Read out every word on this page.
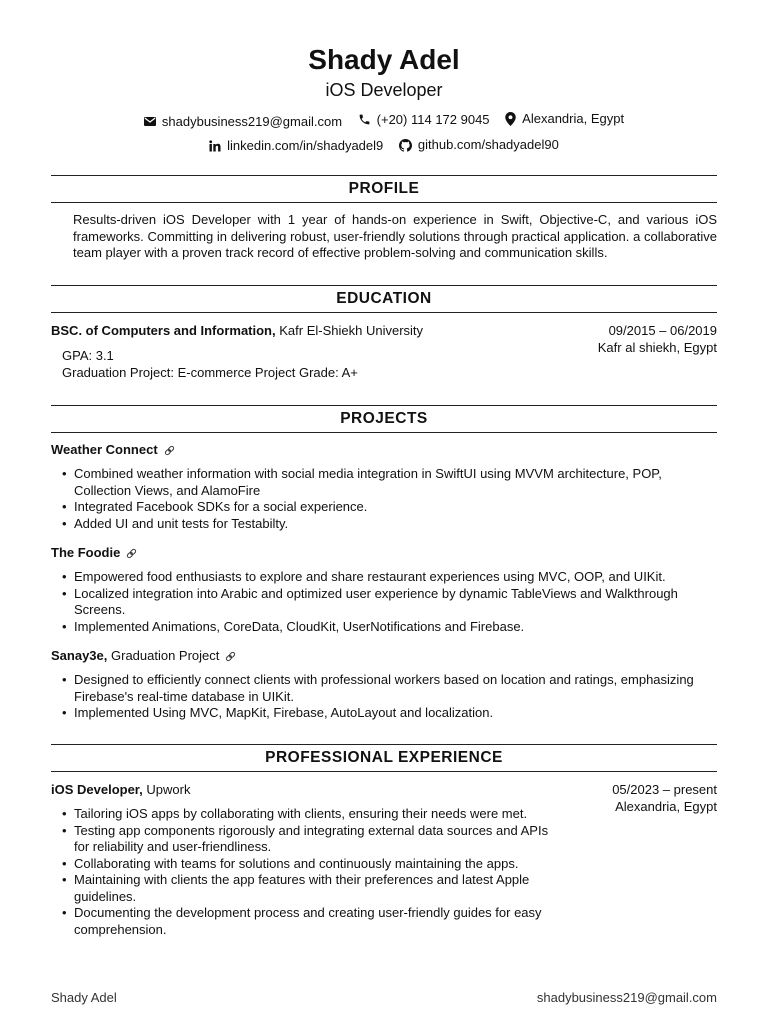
Shady Adel
iOS Developer
shadybusiness219@gmail.com
	(+20) 114 172 9045
	Alexandria, Egypt
linkedin.com/in/shadyadel9
	github.com/shadyadel90
PROFILE
Results-driven iOS Developer with 1 year of hands-on experience in Swift, Objective-C, and various iOS frameworks. Committing in delivering robust, user-friendly solutions through practical application. a collaborative team player with a proven track record of effective problem-solving and communication skills.
EDUCATION
BSC. of Computers and Information,
Kafr El-Shiekh University	09/2015 – 06/2019
Kafr al shiekh, Egypt
GPA: 3.1
Graduation Project: E-commerce Project Grade: A+
PROJECTS
Weather Connect
• Combined weather information with social media integration in SwiftUI using MVVM architecture, POP, Collection Views, and AlamoFire
• Integrated Facebook SDKs for a social experience.
• Added UI and unit tests for Testabilty.
The Foodie
• Empowered food enthusiasts to explore and share restaurant experiences using MVC, OOP, and UIKit.
• Localized integration into Arabic and optimized user experience by dynamic TableViews and Walkthrough Screens.
• Implemented Animations, CoreData, CloudKit, UserNotifications and Firebase.
Sanay3e,
Graduation Project
• Designed to efficiently connect clients with professional workers based on location and ratings, emphasizing Firebase's real-time database in UIKit.
• Implemented Using MVC, MapKit, Firebase, AutoLayout and localization.
PROFESSIONAL EXPERIENCE
iOS Developer,
Upwork	05/2023 – present
Alexandria, Egypt
• Tailoring iOS apps by collaborating with clients, ensuring their needs were met.
• Testing app components rigorously and integrating external data sources and APIs for reliability and user-friendliness.
• Collaborating with teams for solutions and continuously maintaining the apps.
• Maintaining with clients the app features with their preferences and latest Apple guidelines.
• Documenting the development process and creating user-friendly guides for easy comprehension.
Shady Adel	shadybusiness219@gmail.com
